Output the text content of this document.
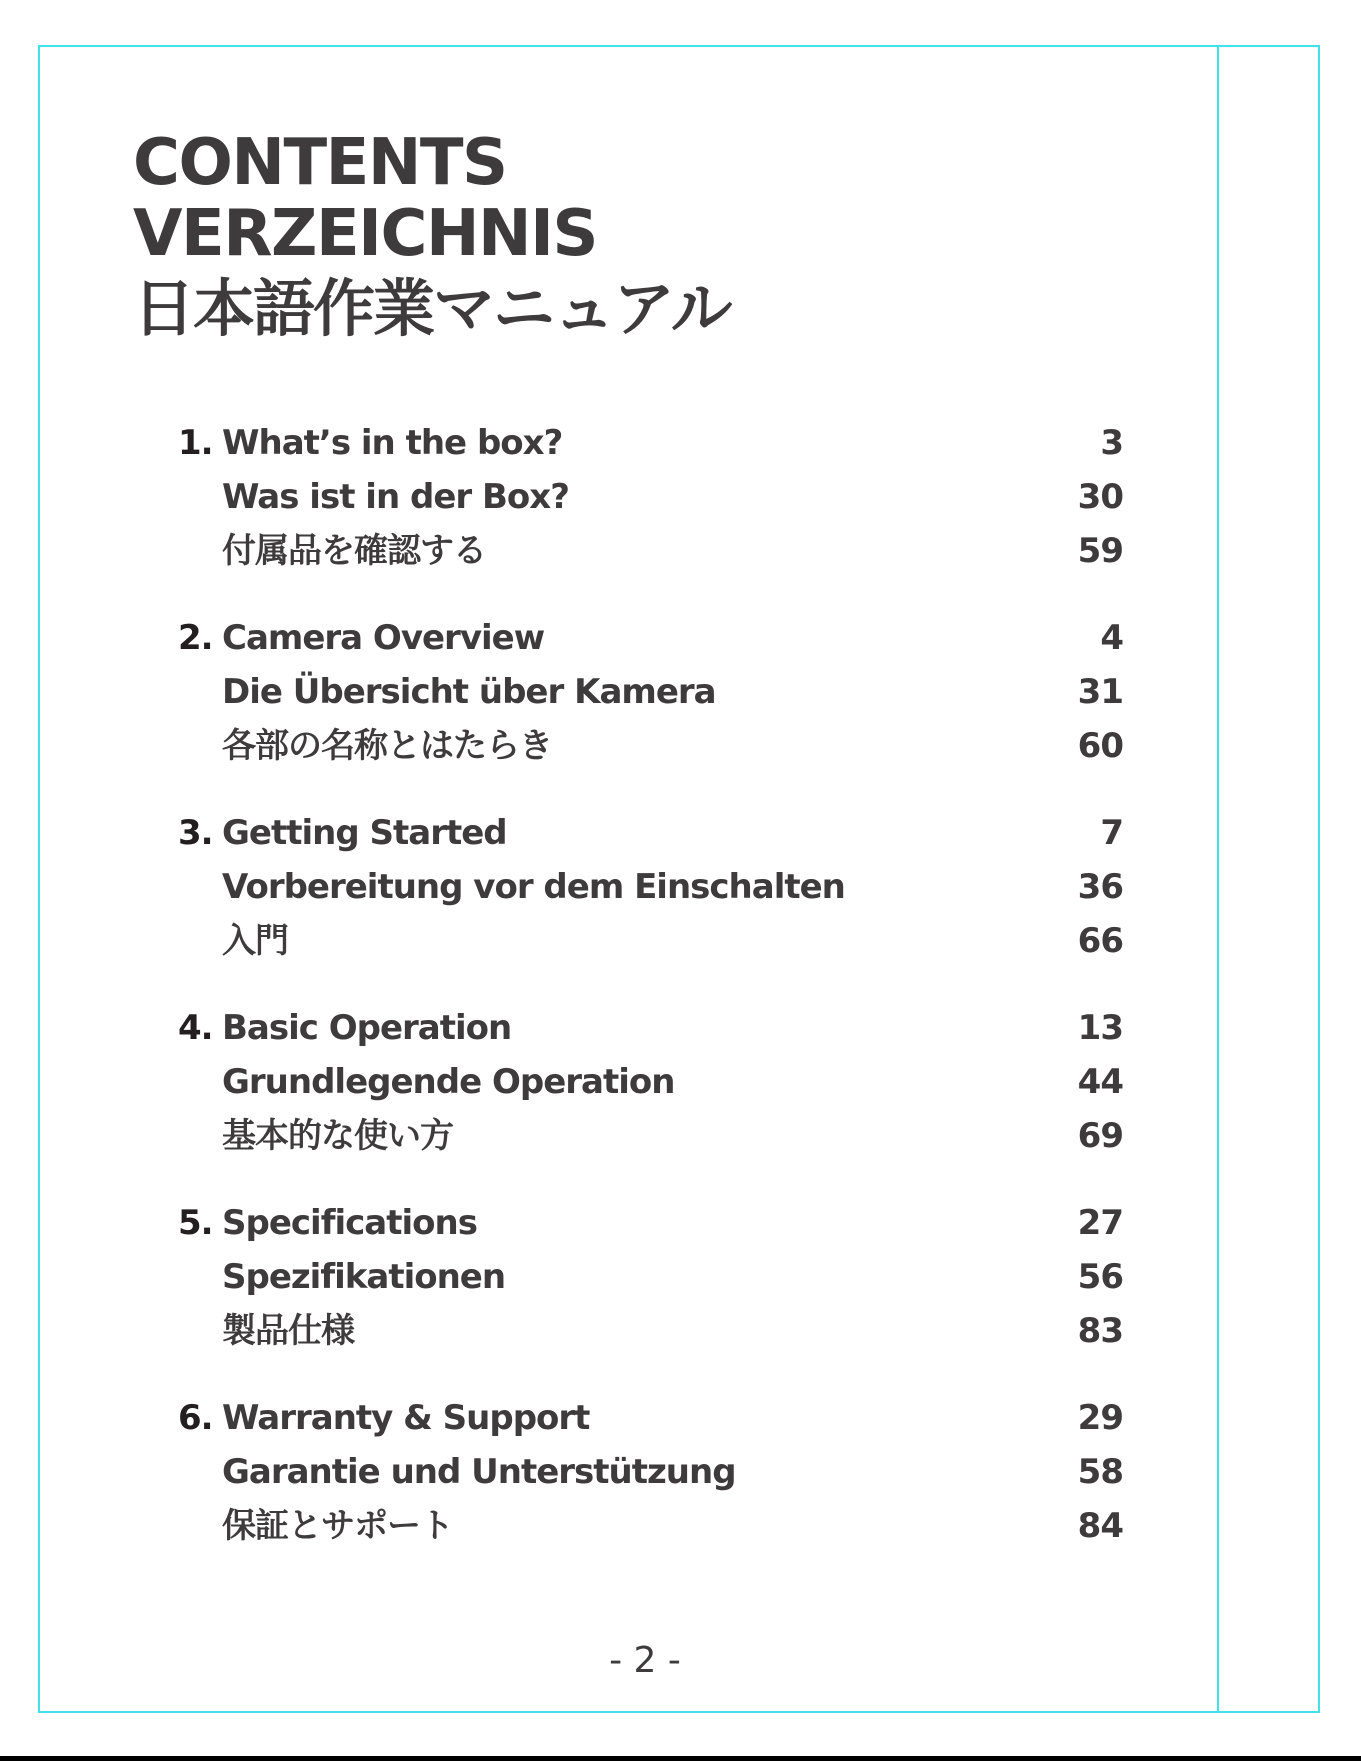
CONTENTS
VERZEICHNIS
日本語作業マニュアル
1. What’s in the box?	3
Was ist in der Box?	30
付属品を確認する	59
2. Camera Overview	4
Die Übersicht über Kamera	31
各部の名称とはたらき	60
3. Getting Started	7
Vorbereitung vor dem Einschalten	36
入門	66
4. Basic Operation	13
Grundlegende Operation	44
基本的な使い方	69
5. Specifications	27
Spezifikationen	56
製品仕様	83
6. Warranty & Support	29
Garantie und Unterstützung	58
保証とサポート	84
- 2 -
